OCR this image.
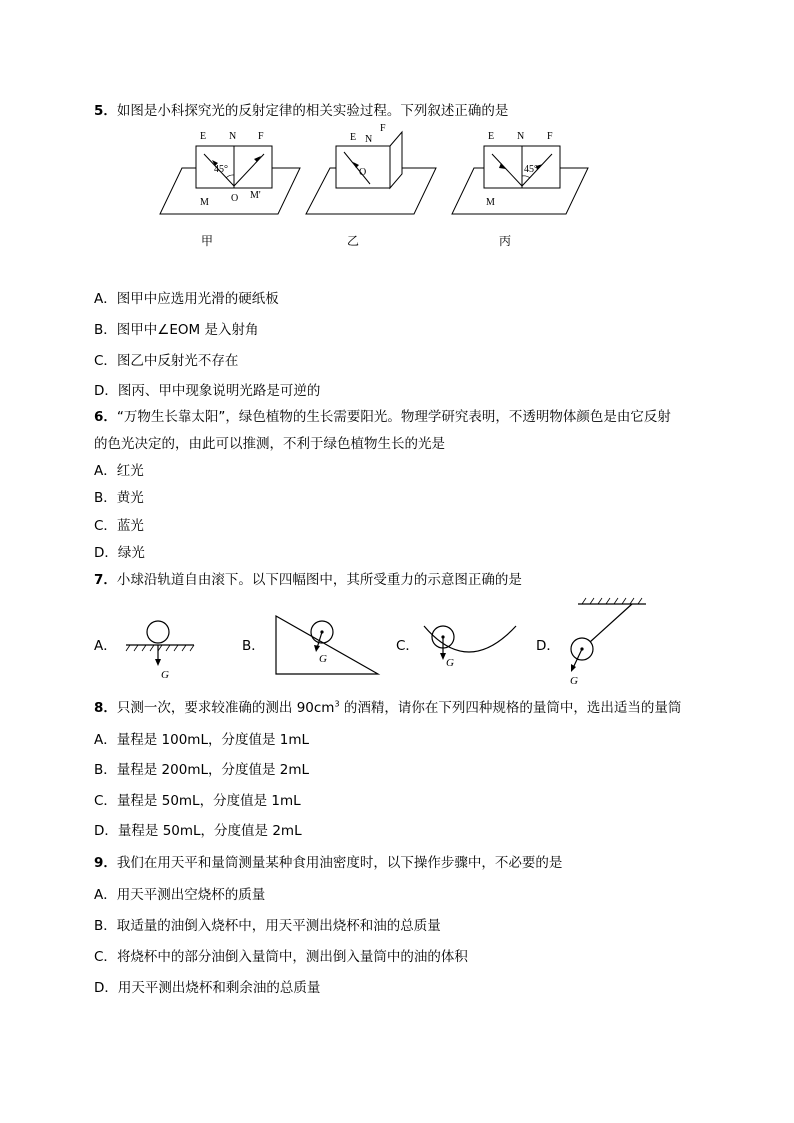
5．如图是小科探究光的反射定律的相关实验过程。下列叙述正确的是
E N F
45°
M O M'
甲
E N
F
O
乙
E N F
45°
M
丙
A．图甲中应选用光滑的硬纸板
B．图甲中∠EOM 是入射角
C．图乙中反射光不存在
D．图丙、甲中现象说明光路是可逆的
6．“万物生长靠太阳”，绿色植物的生长需要阳光。物理学研究表明，不透明物体颜色是由它反射
的色光决定的，由此可以推测，不利于绿色植物生长的光是
A．红光
B．黄光
C．蓝光
D．绿光
7．小球沿轨道自由滚下。以下四幅图中，其所受重力的示意图正确的是
A．
G
B．
G
C．
G
D．
G
8．只测一次，要求较准确的测出 $90cm^3$ 的酒精，请你在下列四种规格的量筒中，选出适当的量筒
A．量程是 100mL，分度值是 1mL
B．量程是 200mL，分度值是 2mL
C．量程是 50mL，分度值是 1mL
D．量程是 50mL，分度值是 2mL
9．我们在用天平和量筒测量某种食用油密度时，以下操作步骤中，不必要的是
A．用天平测出空烧杯的质量
B．取适量的油倒入烧杯中，用天平测出烧杯和油的总质量
C．将烧杯中的部分油倒入量筒中，测出倒入量筒中的油的体积
D．用天平测出烧杯和剩余油的总质量
